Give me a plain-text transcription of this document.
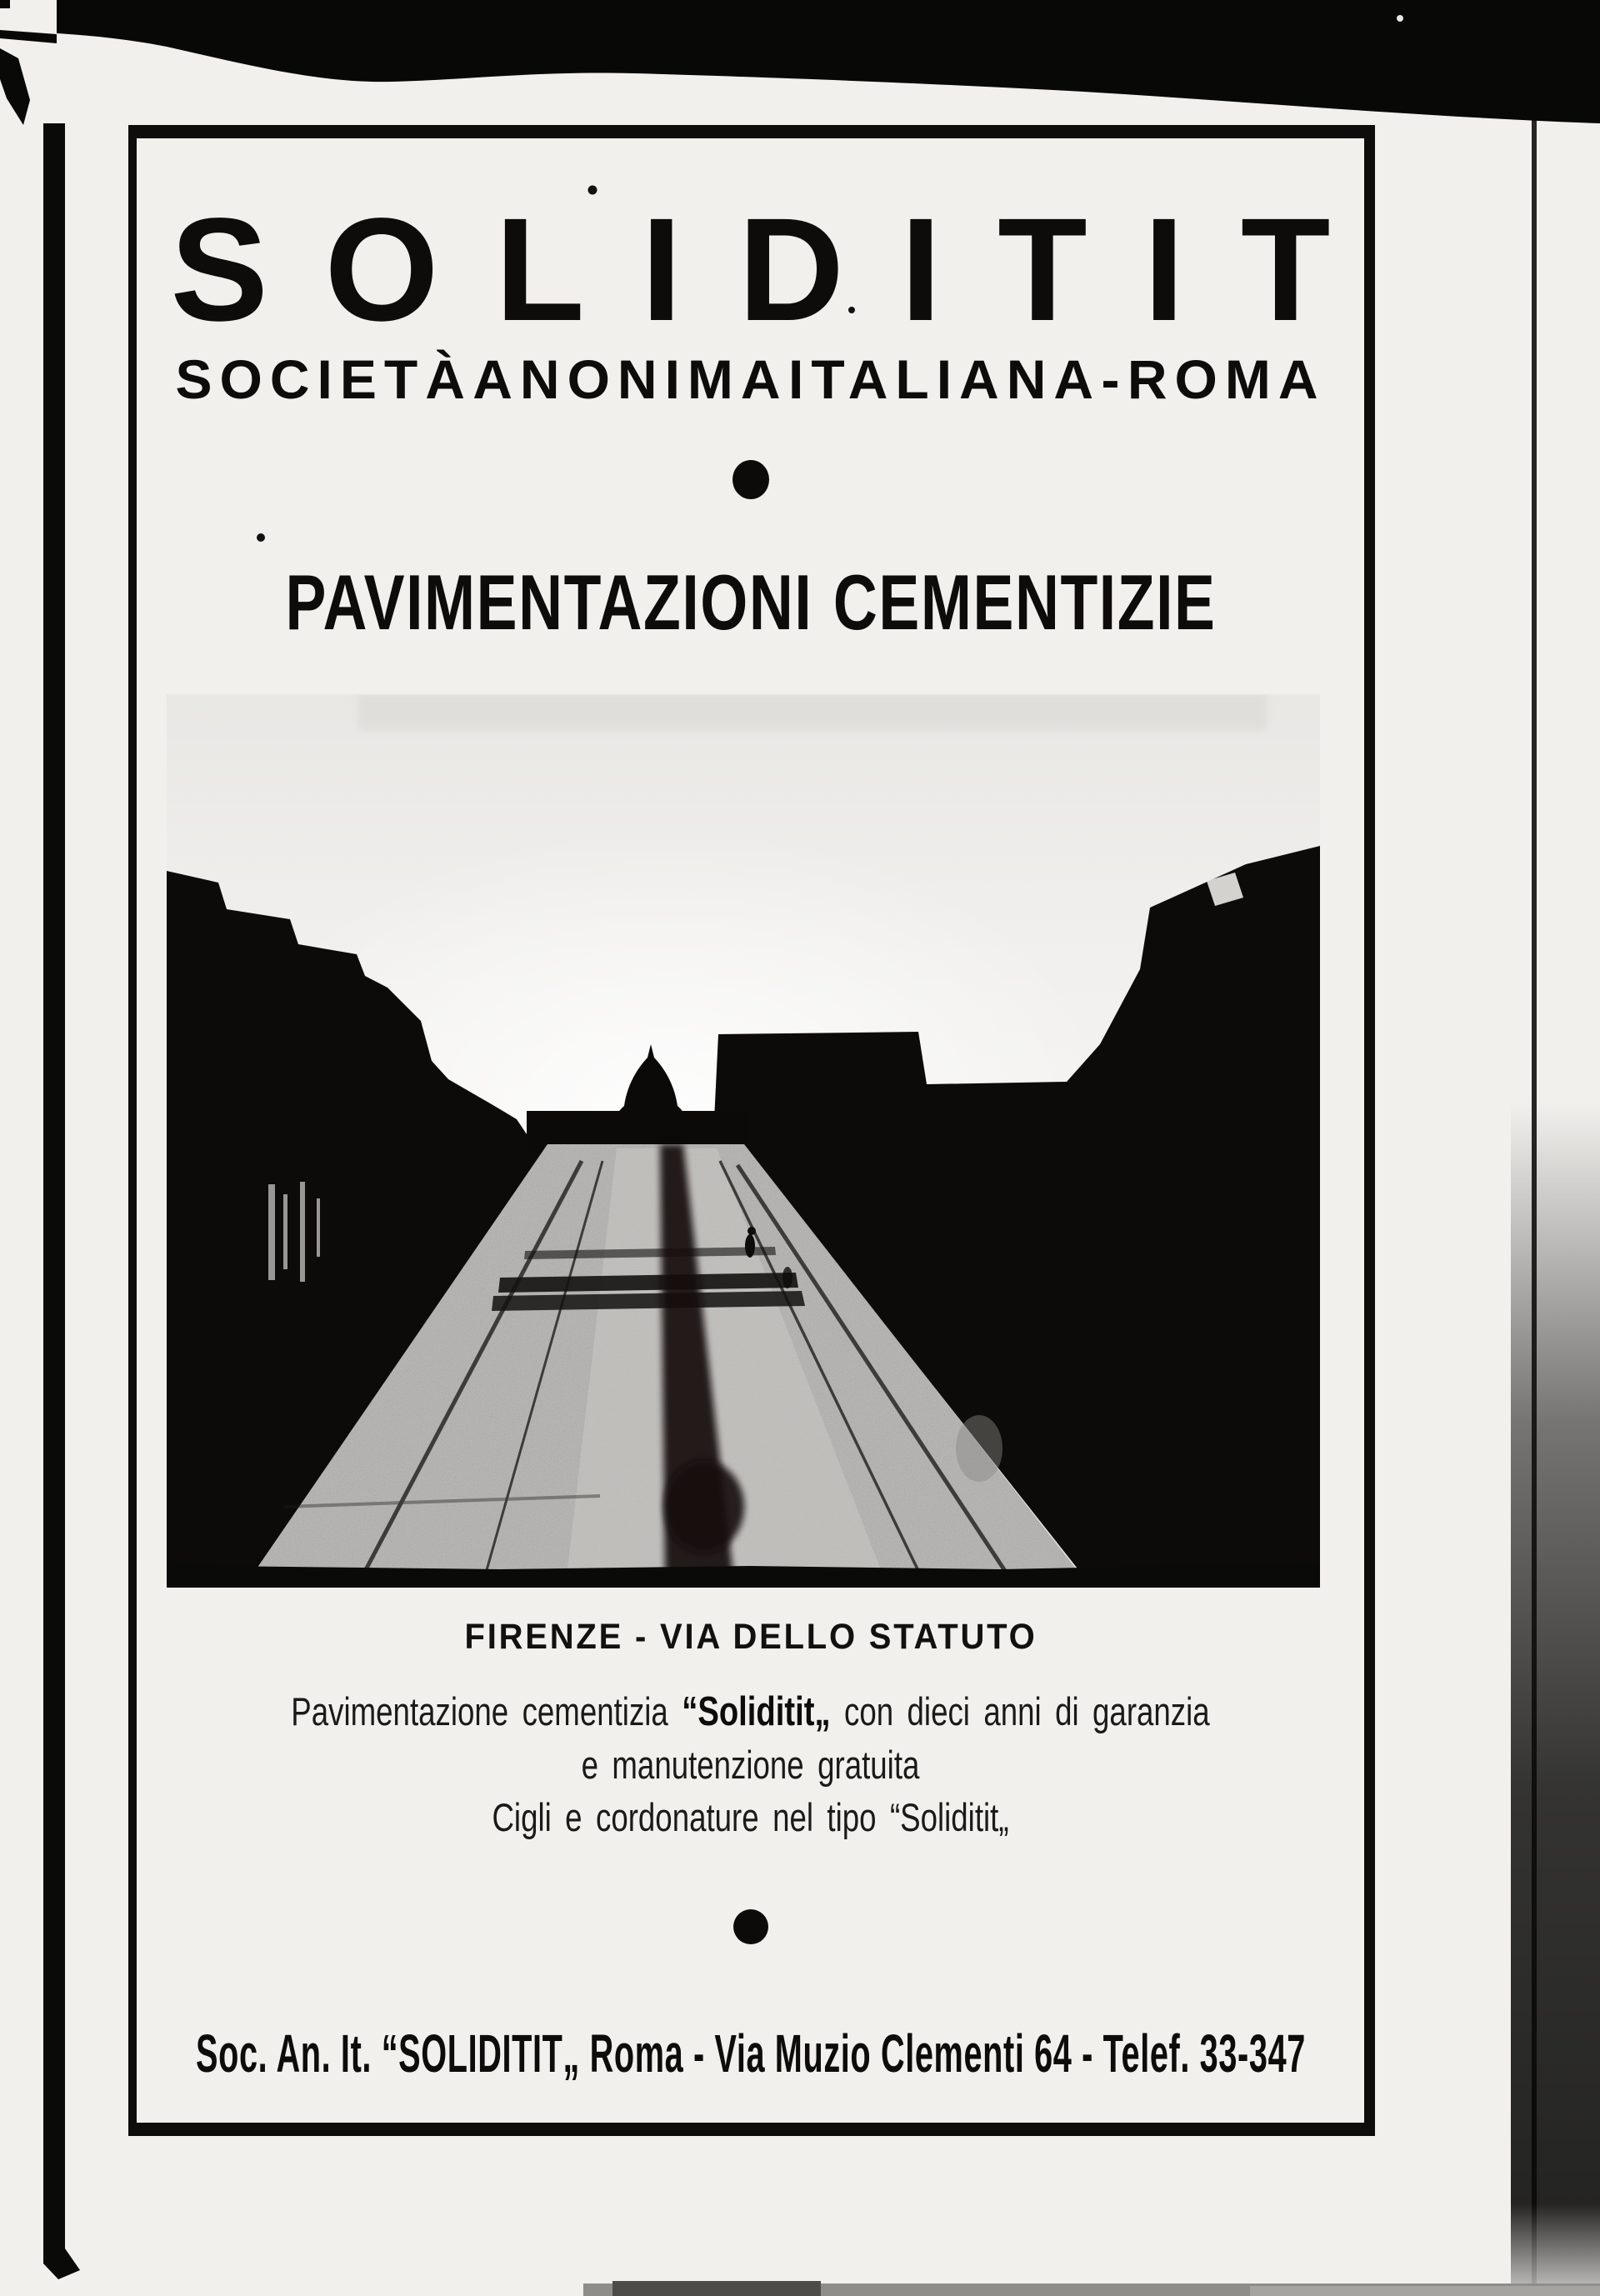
S O L I D I T I T
SOCIETÀ ANONIMA ITALIANA - ROMA
PAVIMENTAZIONI CEMENTIZIE
FIRENZE - VIA DELLO STATUTO
Pavimentazione cementizia “Soliditit„ con dieci anni di garanzia
e manutenzione gratuita
Cigli e cordonature nel tipo “Soliditit„
Soc. An. It. “SOLIDITIT„ Roma - Via Muzio Clementi 64 - Telef. 33-347
